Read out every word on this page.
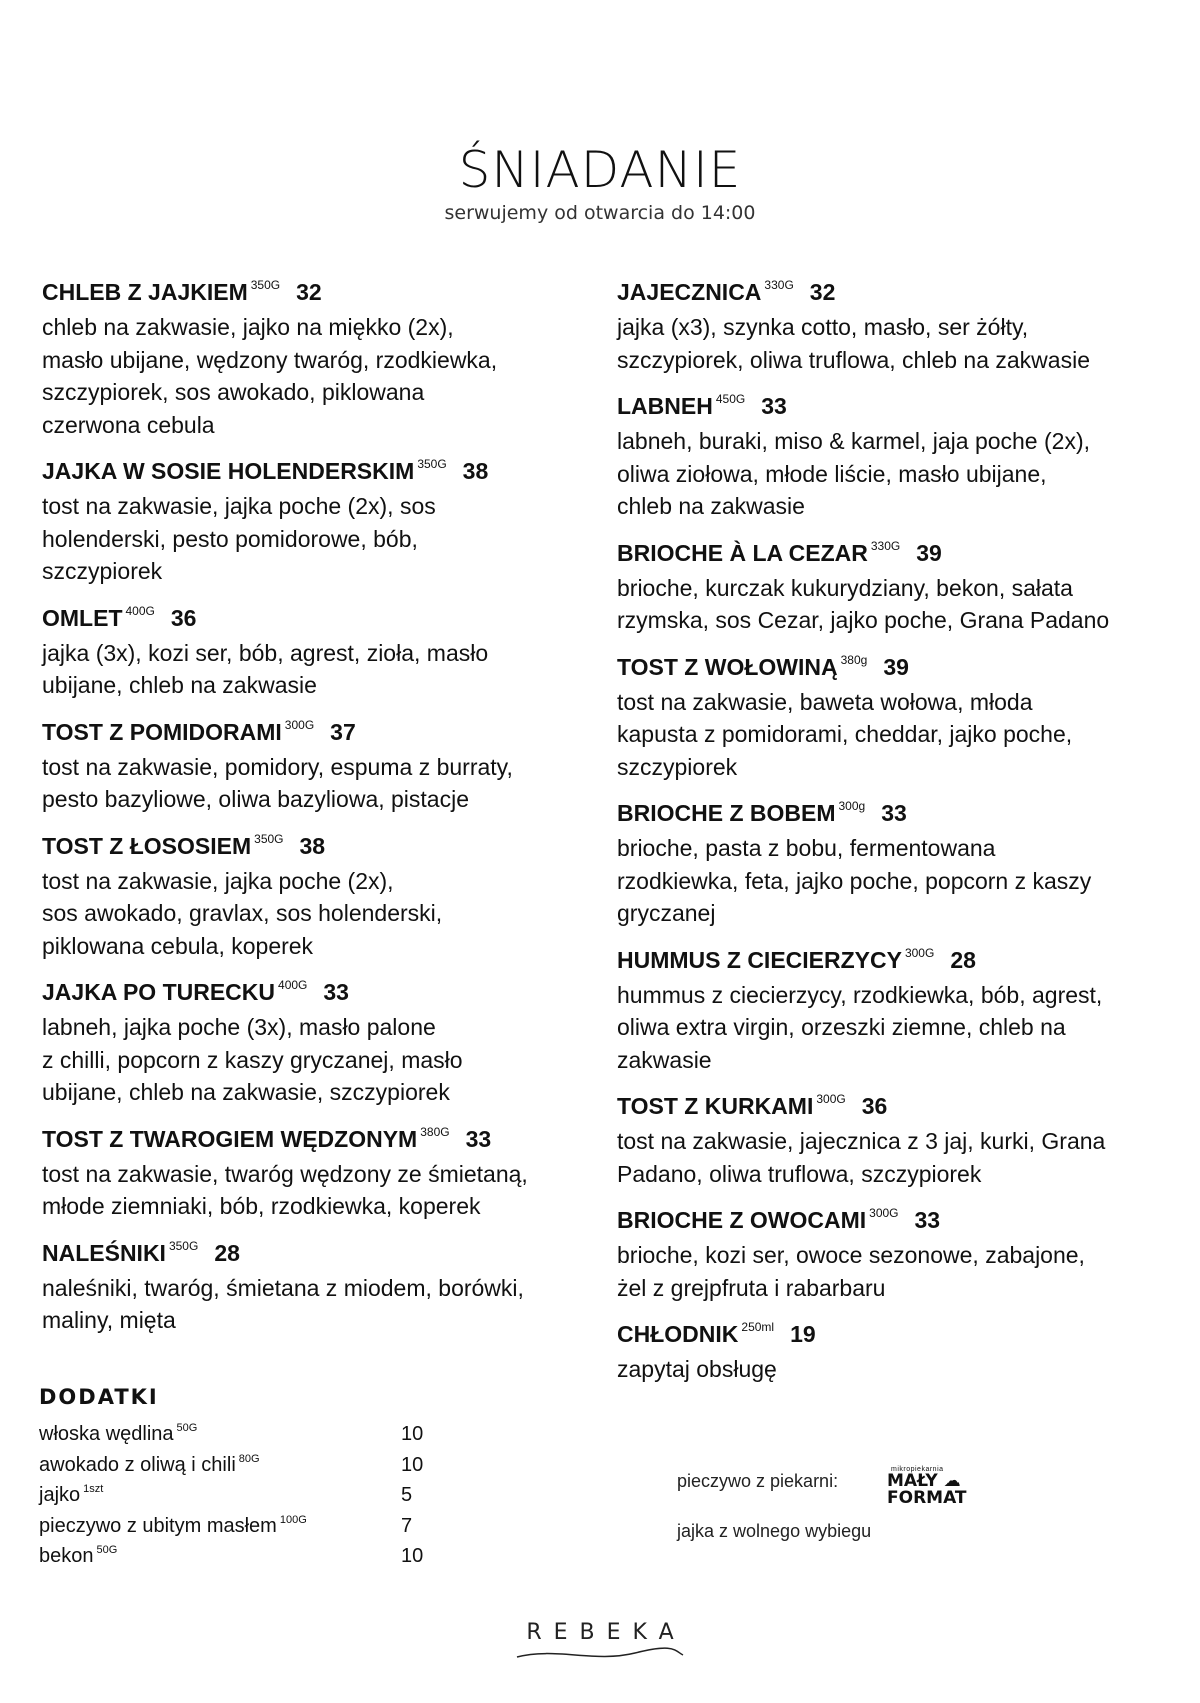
ŚNIADANIE
serwujemy od otwarcia do 14:00
CHLEB Z JAJKIEM $^{350G}$ 32
chleb na zakwasie, jajko na miękko (2x),
masło ubijane, wędzony twaróg, rzodkiewka,
szczypiorek, sos awokado, piklowana
czerwona cebula
JAJKA W SOSIE HOLENDERSKIM $^{350G}$ 38
tost na zakwasie, jajka poche (2x), sos
holenderski, pesto pomidorowe, bób,
szczypiorek
OMLET $^{400G}$ 36
jajka (3x), kozi ser, bób, agrest, zioła, masło
ubijane, chleb na zakwasie
TOST Z POMIDORAMI $^{300G}$ 37
tost na zakwasie, pomidory, espuma z burraty,
pesto bazyliowe, oliwa bazyliowa, pistacje
TOST Z ŁOSOSIEM $^{350G}$ 38
tost na zakwasie, jajka poche (2x),
sos awokado, gravlax, sos holenderski,
piklowana cebula, koperek
JAJKA PO TURECKU $^{400G}$ 33
labneh, jajka poche (3x), masło palone
z chilli, popcorn z kaszy gryczanej, masło
ubijane, chleb na zakwasie, szczypiorek
TOST Z TWAROGIEM WĘDZONYM $^{380G}$ 33
tost na zakwasie, twaróg wędzony ze śmietaną,
młode ziemniaki, bób, rzodkiewka, koperek
NALEŚNIKI $^{350G}$ 28
naleśniki, twaróg, śmietana z miodem, borówki,
maliny, mięta
JAJECZNICA $^{330G}$ 32
jajka (x3), szynka cotto, masło, ser żółty,
szczypiorek, oliwa truflowa, chleb na zakwasie
LABNEH $^{450G}$ 33
labneh, buraki, miso & karmel, jaja poche (2x),
oliwa ziołowa, młode liście, masło ubijane,
chleb na zakwasie
BRIOCHE À LA CEZAR $^{330G}$ 39
brioche, kurczak kukurydziany, bekon, sałata
rzymska, sos Cezar, jajko poche, Grana Padano
TOST Z WOŁOWINĄ $^{380g}$ 39
tost na zakwasie, baweta wołowa, młoda
kapusta z pomidorami, cheddar, jajko poche,
szczypiorek
BRIOCHE Z BOBEM $^{300g}$ 33
brioche, pasta z bobu, fermentowana
rzodkiewka, feta, jajko poche, popcorn z kaszy
gryczanej
HUMMUS Z CIECIERZYCY $^{300G}$ 28
hummus z ciecierzycy, rzodkiewka, bób, agrest,
oliwa extra virgin, orzeszki ziemne, chleb na
zakwasie
TOST Z KURKAMI $^{300G}$ 36
tost na zakwasie, jajecznica z 3 jaj, kurki, Grana
Padano, oliwa truflowa, szczypiorek
BRIOCHE Z OWOCAMI $^{300G}$ 33
brioche, kozi ser, owoce sezonowe, zabajone,
żel z grejpfruta i rabarbaru
CHŁODNIK $^{250ml}$ 19
zapytaj obsługę
DODATKI
włoska wędlina $^{50G}$	10
awokado z oliwą i chili $^{80G}$	10
jajko $^{1szt}$	5
pieczywo z ubitym masłem $^{100G}$	7
bekon $^{50G}$	10
pieczywo z piekarni:
mikropiekarnia
MAŁY ☁
FORMAT
jajka z wolnego wybiegu
REBEKA
